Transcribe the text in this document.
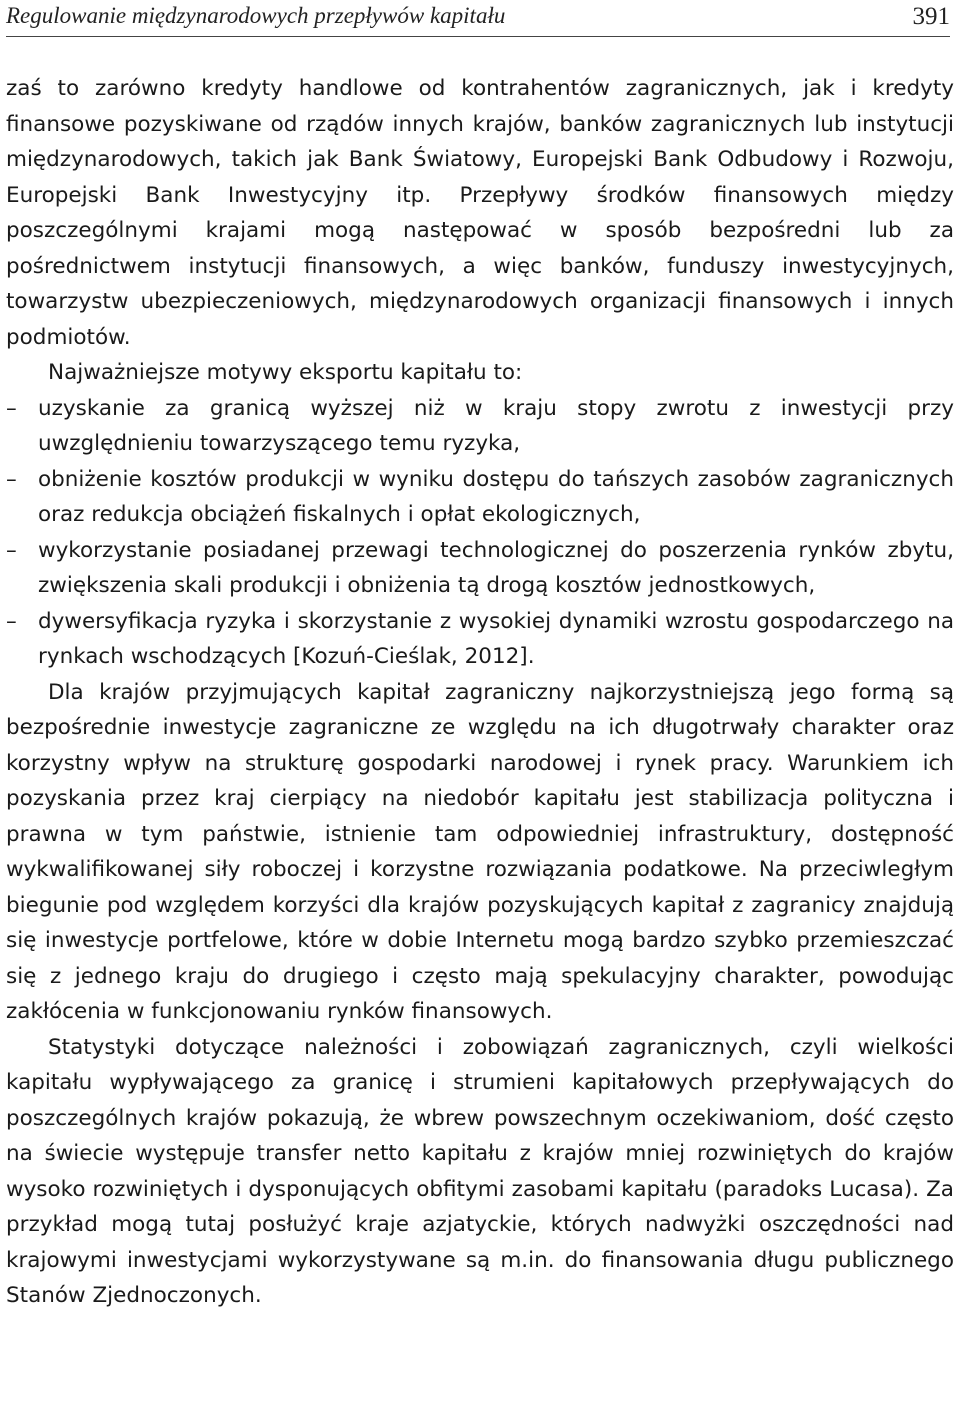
Regulowanie międzynarodowych przepływów kapitału	391

zaś to zarówno kredyty handlowe od kontrahentów zagranicznych, jak i kredyty finansowe pozyskiwane od rządów innych krajów, banków zagranicznych lub instytucji międzynarodowych, takich jak Bank Światowy, Europejski Bank Odbudowy i Rozwoju, Europejski Bank Inwestycyjny itp. Przepływy środków finansowych między poszczególnymi krajami mogą następować w sposób bezpośredni lub za pośrednictwem instytucji finansowych, a więc banków, funduszy inwestycyjnych, towarzystw ubezpieczeniowych, międzynarodowych organizacji finansowych i innych podmiotów.

Najważniejsze motywy eksportu kapitału to:

– uzyskanie za granicą wyższej niż w kraju stopy zwrotu z inwestycji przy uwzględnieniu towarzyszącego temu ryzyka,
– obniżenie kosztów produkcji w wyniku dostępu do tańszych zasobów zagranicznych oraz redukcja obciążeń fiskalnych i opłat ekologicznych,
– wykorzystanie posiadanej przewagi technologicznej do poszerzenia rynków zbytu, zwiększenia skali produkcji i obniżenia tą drogą kosztów jednostkowych,
– dywersyfikacja ryzyka i skorzystanie z wysokiej dynamiki wzrostu gospodarczego na rynkach wschodzących [Kozuń-Cieślak, 2012].

Dla krajów przyjmujących kapitał zagraniczny najkorzystniejszą jego formą są bezpośrednie inwestycje zagraniczne ze względu na ich długotrwały charakter oraz korzystny wpływ na strukturę gospodarki narodowej i rynek pracy. Warunkiem ich pozyskania przez kraj cierpiący na niedobór kapitału jest stabilizacja polityczna i prawna w tym państwie, istnienie tam odpowiedniej infrastruktury, dostępność wykwalifikowanej siły roboczej i korzystne rozwiązania podatkowe. Na przeciwległym biegunie pod względem korzyści dla krajów pozyskujących kapitał z zagranicy znajdują się inwestycje portfelowe, które w dobie Internetu mogą bardzo szybko przemieszczać się z jednego kraju do drugiego i często mają spekulacyjny charakter, powodując zakłócenia w funkcjonowaniu rynków finansowych.

Statystyki dotyczące należności i zobowiązań zagranicznych, czyli wielkości kapitału wypływającego za granicę i strumieni kapitałowych przepływających do poszczególnych krajów pokazują, że wbrew powszechnym oczekiwaniom, dość często na świecie występuje transfer netto kapitału z krajów mniej rozwiniętych do krajów wysoko rozwiniętych i dysponujących obfitymi zasobami kapitału (paradoks Lucasa). Za przykład mogą tutaj posłużyć kraje azjatyckie, których nadwyżki oszczędności nad krajowymi inwestycjami wykorzystywane są m.in. do finansowania długu publicznego Stanów Zjednoczonych.
